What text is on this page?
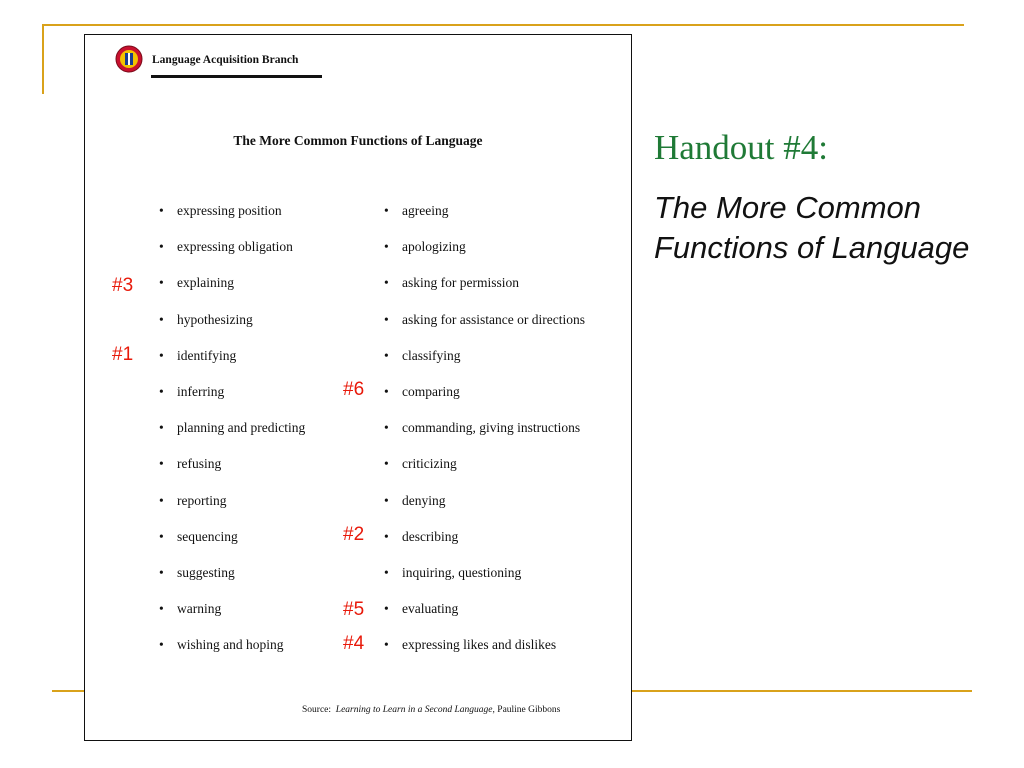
Language Acquisition Branch
The More Common Functions of Language
• expressing position
• expressing obligation
• explaining
• hypothesizing
• identifying
• inferring
• planning and predicting
• refusing
• reporting
• sequencing
• suggesting
• warning
• wishing and hoping
• agreeing
• apologizing
• asking for permission
• asking for assistance or directions
• classifying
• comparing
• commanding, giving instructions
• criticizing
• denying
• describing
• inquiring, questioning
• evaluating
• expressing likes and dislikes
Source: Learning to Learn in a Second Language, Pauline Gibbons
#3
#1
#6
#2
#5
#4
Handout #4:
The More Common Functions of Language
